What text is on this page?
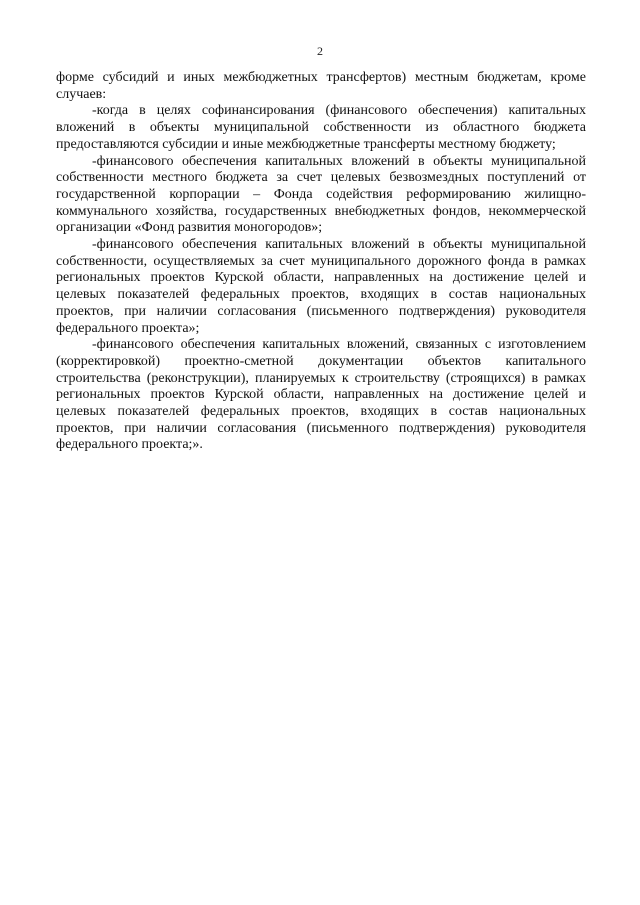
2

форме субсидий и иных межбюджетных трансфертов) местным бюджетам, кроме случаев:

-когда в целях софинансирования (финансового обеспечения) капитальных вложений в объекты муниципальной собственности из областного бюджета предоставляются субсидии и иные межбюджетные трансферты местному бюджету;

-финансового обеспечения капитальных вложений в объекты муниципальной собственности местного бюджета за счет целевых безвозмездных поступлений от государственной корпорации – Фонда содействия реформированию жилищно-коммунального хозяйства, государственных внебюджетных фондов, некоммерческой организации «Фонд развития моногородов»;

-финансового обеспечения капитальных вложений в объекты муниципальной собственности, осуществляемых за счет муниципального дорожного фонда в рамках региональных проектов Курской области, направленных на достижение целей и целевых показателей федеральных проектов, входящих в состав национальных проектов, при наличии согласования (письменного подтверждения) руководителя федерального проекта»;

-финансового обеспечения капитальных вложений, связанных с изготовлением (корректировкой) проектно-сметной документации объектов капитального строительства (реконструкции), планируемых к строительству (строящихся) в рамках региональных проектов Курской области, направленных на достижение целей и целевых показателей федеральных проектов, входящих в состав национальных проектов, при наличии согласования (письменного подтверждения) руководителя федерального проекта;».
